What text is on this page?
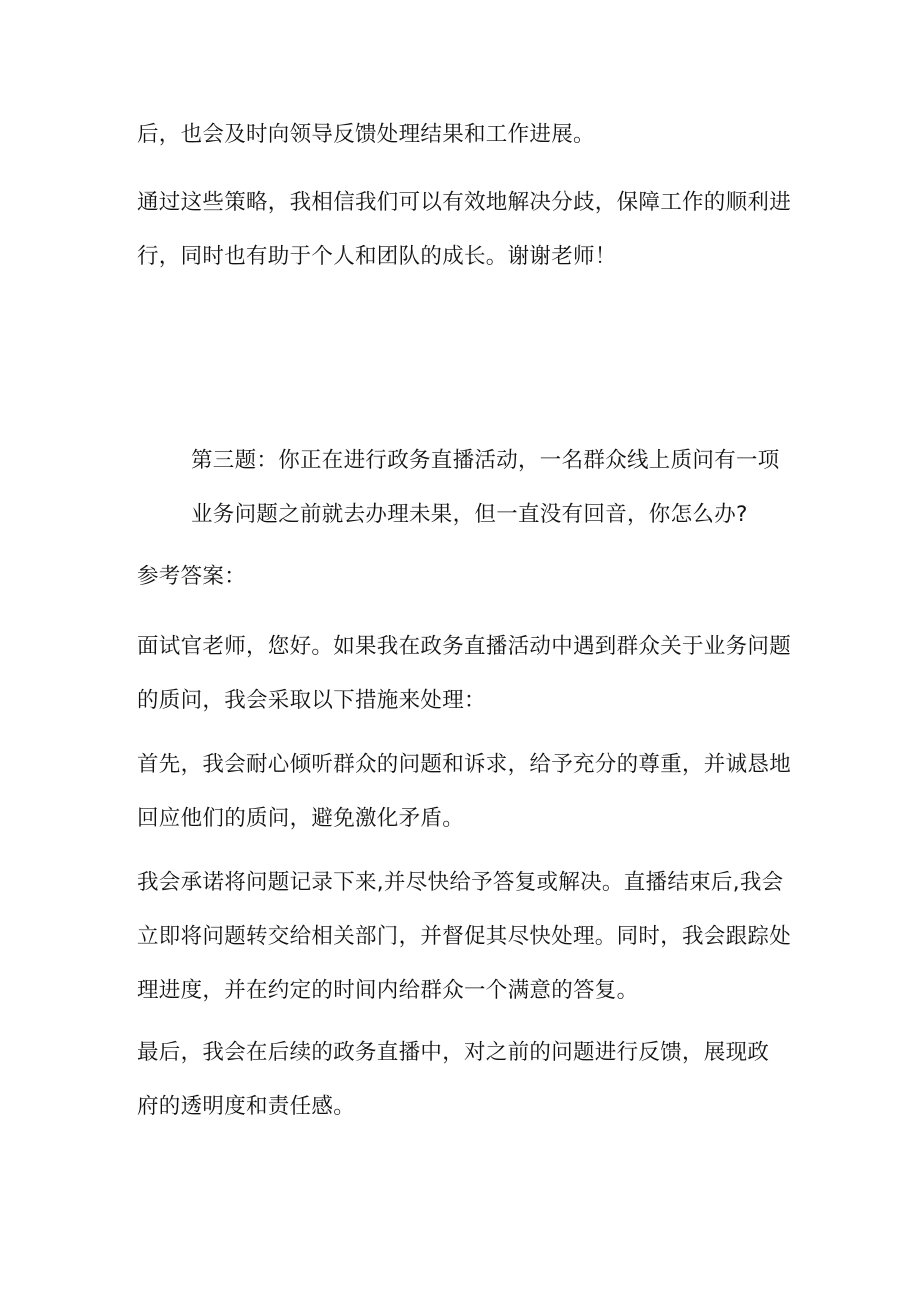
后，也会及时向领导反馈处理结果和工作进展。

通过这些策略，我相信我们可以有效地解决分歧，保障工作的顺利进
行，同时也有助于个人和团队的成长。谢谢老师！

第三题：你正在进行政务直播活动，一名群众线上质问有一项
业务问题之前就去办理未果，但一直没有回音，你怎么办?

参考答案：

面试官老师，您好。如果我在政务直播活动中遇到群众关于业务问题
的质问，我会采取以下措施来处理：

首先，我会耐心倾听群众的问题和诉求，给予充分的尊重，并诚恳地
回应他们的质问，避免激化矛盾。

我会承诺将问题记录下来,并尽快给予答复或解决。直播结束后,我会
立即将问题转交给相关部门，并督促其尽快处理。同时，我会跟踪处
理进度，并在约定的时间内给群众一个满意的答复。

最后，我会在后续的政务直播中，对之前的问题进行反馈，展现政
府的透明度和责任感。
